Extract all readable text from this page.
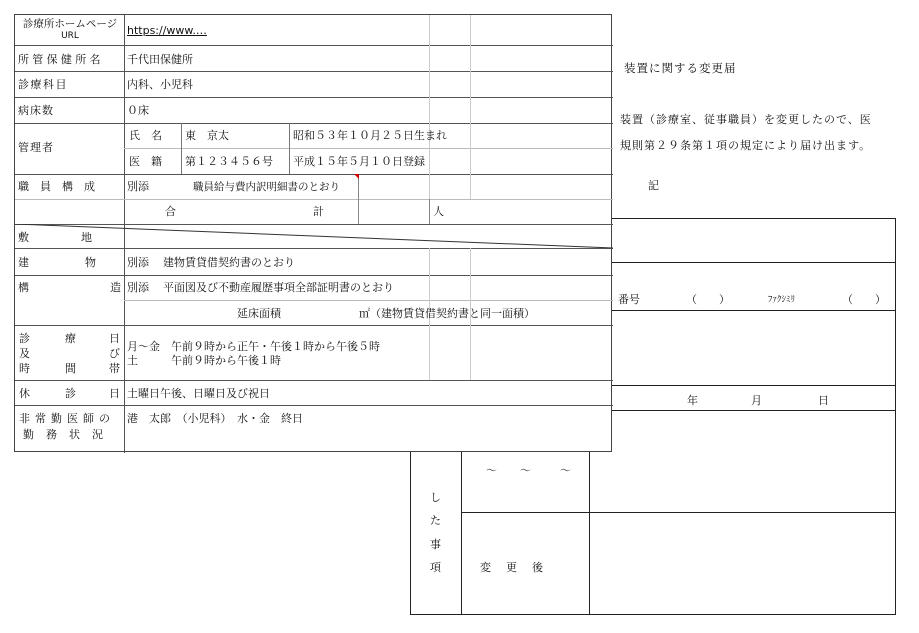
装置に関する変更届
装置（診療室、従事職員）を変更したので、医
規則第２９条第１項の規定により届け出ます。
記
番号	（　　）	ﾌｧｸｼﾐﾘ	（　　）
年	月	日
し
た
事
項	変　更　後
～ ～	～
診療所ホームページ
URL	https://www.…
所管保健所名 千代田保健所
診療科目	内科、小児科
病床数	０床
管理者
氏　名 東　京太	昭和５３年１０月２５日生まれ
医　籍 第１２３４５６号 平成１５年５月１０日登録
職員構成	別添	職員給与費内訳明細書のとおり
合	計	人
敷	地
建	物	別添 建物賃貸借契約書のとおり
構	造 別添 平面図及び不動産履歴事項全部証明書のとおり
延床面積	㎡（建物賃貸借契約書と同一面積）
診	療	日
及	び
時	間	帯
月～金　午前９時から正午・午後１時から午後５時
土　　　午前９時から午後１時
休	診	日 土曜日午後、日曜日及び祝日
非常勤医師の
勤務状況
港　太郎　（小児科）　水・金　終日
